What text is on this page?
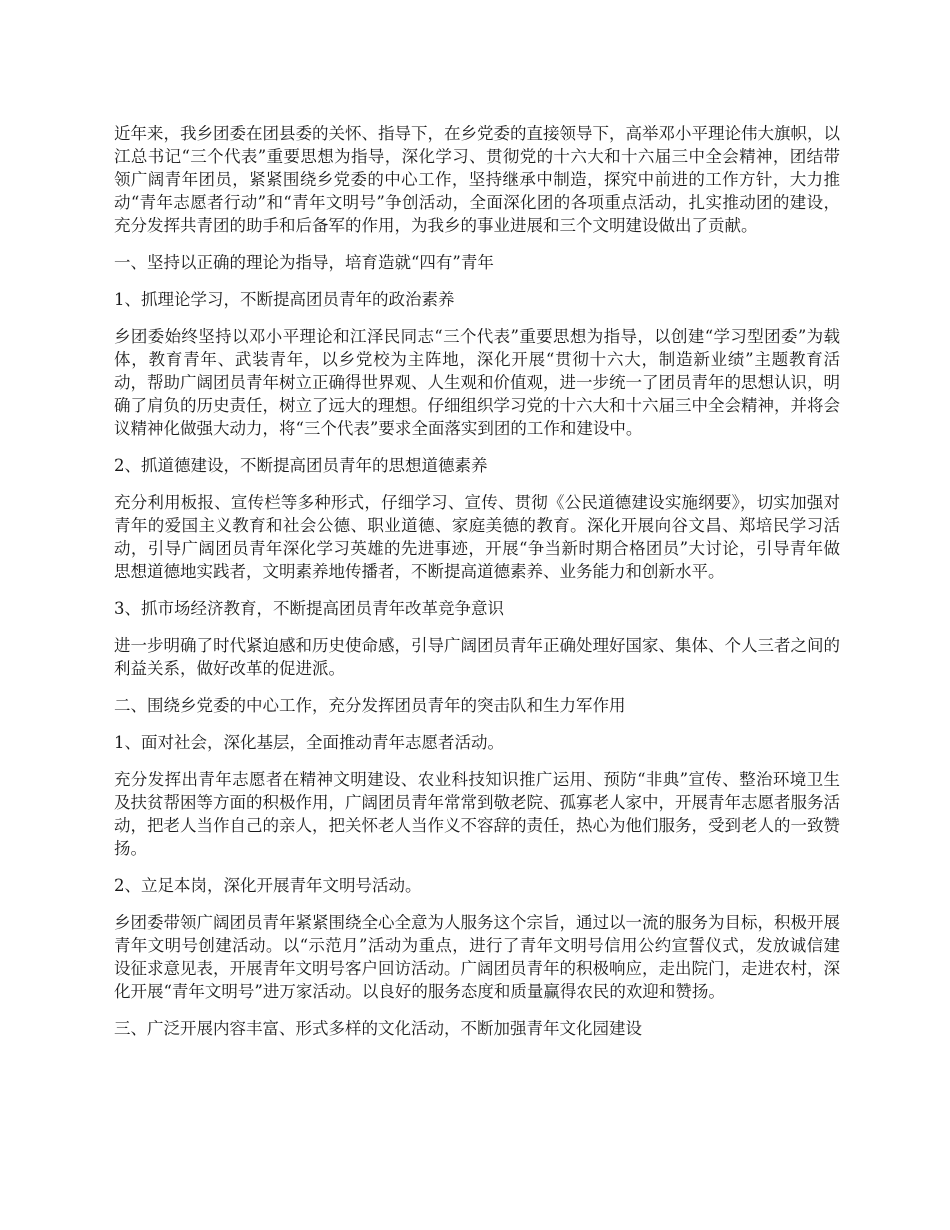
近年来，我乡团委在团县委的关怀、指导下，在乡党委的直接领导下，高举邓小平理论伟大旗帜，以江总书记“三个代表”重要思想为指导，深化学习、贯彻党的十六大和十六届三中全会精神，团结带领广阔青年团员，紧紧围绕乡党委的中心工作，坚持继承中制造，探究中前进的工作方针，大力推动“青年志愿者行动”和“青年文明号”争创活动，全面深化团的各项重点活动，扎实推动团的建设，充分发挥共青团的助手和后备军的作用，为我乡的事业进展和三个文明建设做出了贡献。

一、坚持以正确的理论为指导，培育造就“四有”青年

1、抓理论学习，不断提高团员青年的政治素养

乡团委始终坚持以邓小平理论和江泽民同志“三个代表”重要思想为指导，以创建“学习型团委”为载体，教育青年、武装青年，以乡党校为主阵地，深化开展“贯彻十六大，制造新业绩”主题教育活动，帮助广阔团员青年树立正确得世界观、人生观和价值观，进一步统一了团员青年的思想认识，明确了肩负的历史责任，树立了远大的理想。仔细组织学习党的十六大和十六届三中全会精神，并将会议精神化做强大动力，将“三个代表”要求全面落实到团的工作和建设中。

2、抓道德建设，不断提高团员青年的思想道德素养

充分利用板报、宣传栏等多种形式，仔细学习、宣传、贯彻《公民道德建设实施纲要》，切实加强对青年的爱国主义教育和社会公德、职业道德、家庭美德的教育。深化开展向谷文昌、郑培民学习活动，引导广阔团员青年深化学习英雄的先进事迹，开展“争当新时期合格团员”大讨论，引导青年做思想道德地实践者，文明素养地传播者，不断提高道德素养、业务能力和创新水平。

3、抓市场经济教育，不断提高团员青年改革竞争意识

进一步明确了时代紧迫感和历史使命感，引导广阔团员青年正确处理好国家、集体、个人三者之间的利益关系，做好改革的促进派。

二、围绕乡党委的中心工作，充分发挥团员青年的突击队和生力军作用

1、面对社会，深化基层，全面推动青年志愿者活动。

充分发挥出青年志愿者在精神文明建设、农业科技知识推广运用、预防“非典”宣传、整治环境卫生及扶贫帮困等方面的积极作用，广阔团员青年常常到敬老院、孤寡老人家中，开展青年志愿者服务活动，把老人当作自己的亲人，把关怀老人当作义不容辞的责任，热心为他们服务，受到老人的一致赞扬。

2、立足本岗，深化开展青年文明号活动。

乡团委带领广阔团员青年紧紧围绕全心全意为人服务这个宗旨，通过以一流的服务为目标，积极开展青年文明号创建活动。以“示范月”活动为重点，进行了青年文明号信用公约宣誓仪式，发放诚信建设征求意见表，开展青年文明号客户回访活动。广阔团员青年的积极响应，走出院门，走进农村，深化开展“青年文明号”进万家活动。以良好的服务态度和质量赢得农民的欢迎和赞扬。

三、广泛开展内容丰富、形式多样的文化活动，不断加强青年文化园建设
